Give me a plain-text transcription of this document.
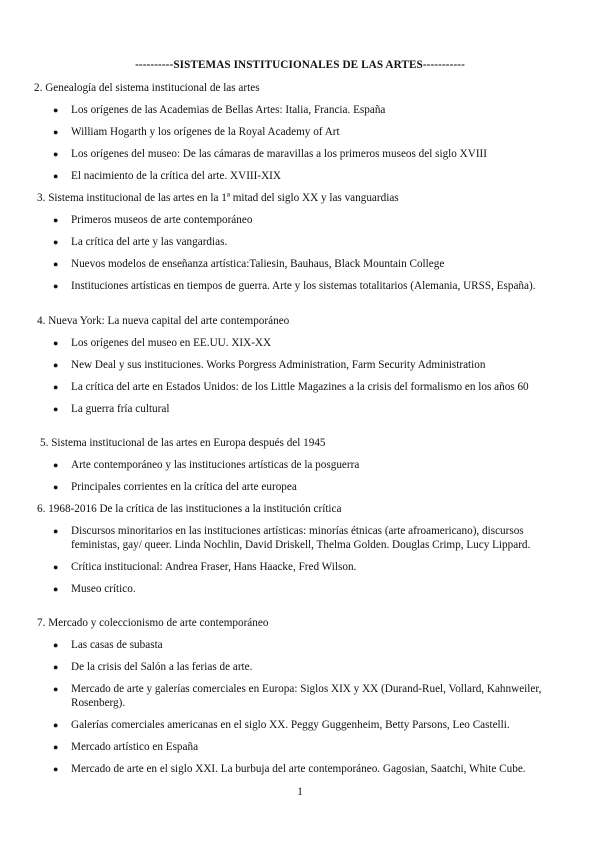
----------SISTEMAS INSTITUCIONALES DE LAS ARTES-----------
2. Genealogía del sistema institucional de las artes
● Los orígenes de las Academias de Bellas Artes: Italia, Francia. España
● William Hogarth y los orígenes de la Royal Academy of Art
● Los orígenes del museo: De las cámaras de maravillas a los primeros museos del siglo XVIII
● El nacimiento de la crítica del arte. XVIII-XIX
3. Sistema institucional de las artes en la 1ª mitad del siglo XX y las vanguardias
● Primeros museos de arte contemporáneo
● La crítica del arte y las vangardias.
● Nuevos modelos de enseñanza artística:Taliesin, Bauhaus, Black Mountain College
● Instituciones artísticas en tiempos de guerra. Arte y los sistemas totalitarios (Alemania, URSS, España).
4. Nueva York: La nueva capital del arte contemporáneo
● Los orígenes del museo en EE.UU. XIX-XX
● New Deal y sus instituciones. Works Porgress Administration, Farm Security Administration
● La crítica del arte en Estados Unidos: de los Little Magazines a la crisis del formalismo en los años 60
● La guerra fría cultural
5. Sistema institucional de las artes en Europa después del 1945
● Arte contemporáneo y las instituciones artísticas de la posguerra
● Principales corrientes en la crítica del arte europea
6. 1968-2016 De la crítica de las instituciones a la institución crítica
● Discursos minoritarios en las instituciones artísticas: minorías étnicas (arte afroamericano), discursos feministas, gay/ queer. Linda Nochlin, David Driskell, Thelma Golden. Douglas Crimp, Lucy Lippard.
● Crítica institucional: Andrea Fraser, Hans Haacke, Fred Wilson.
● Museo crítico.
7. Mercado y coleccionismo de arte contemporáneo
● Las casas de subasta
● De la crisis del Salón a las ferias de arte.
● Mercado de arte y galerías comerciales en Europa: Siglos XIX y XX (Durand-Ruel, Vollard, Kahnweiler, Rosenberg).
● Galerías comerciales americanas en el siglo XX. Peggy Guggenheim, Betty Parsons, Leo Castelli.
● Mercado artístico en España
● Mercado de arte en el siglo XXI. La burbuja del arte contemporáneo. Gagosian, Saatchi, White Cube.
1
